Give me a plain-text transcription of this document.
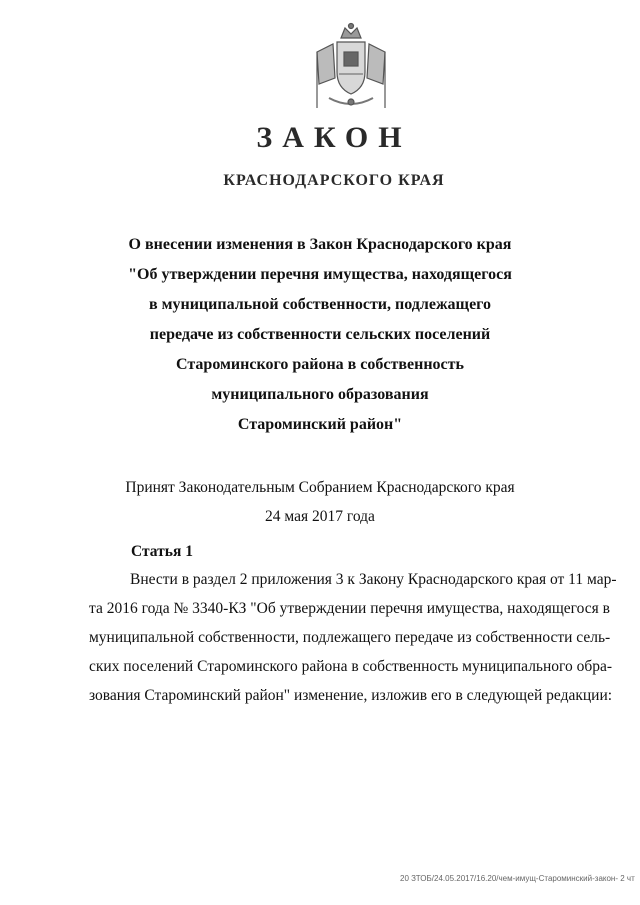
ЗАКОН
КРАСНОДАРСКОГО КРАЯ
О внесении изменения в Закон Краснодарского края
"Об утверждении перечня имущества, находящегося
в муниципальной собственности, подлежащего
передаче из собственности сельских поселений
Староминского района в собственность
муниципального образования
Староминский район"
Принят Законодательным Собранием Краснодарского края
24 мая 2017 года
Статья 1
Внести в раздел 2 приложения 3 к Закону Краснодарского края от 11 мар-
та 2016 года № 3340-КЗ "Об утверждении перечня имущества, находящегося в
муниципальной собственности, подлежащего передаче из собственности сель-
ских поселений Староминского района в собственность муниципального обра-
зования Староминский район" изменение, изложив его в следующей редакции:
20 ЗТОБ/24.05.2017/16.20/чем-имущ-Староминский-закон- 2 чт
